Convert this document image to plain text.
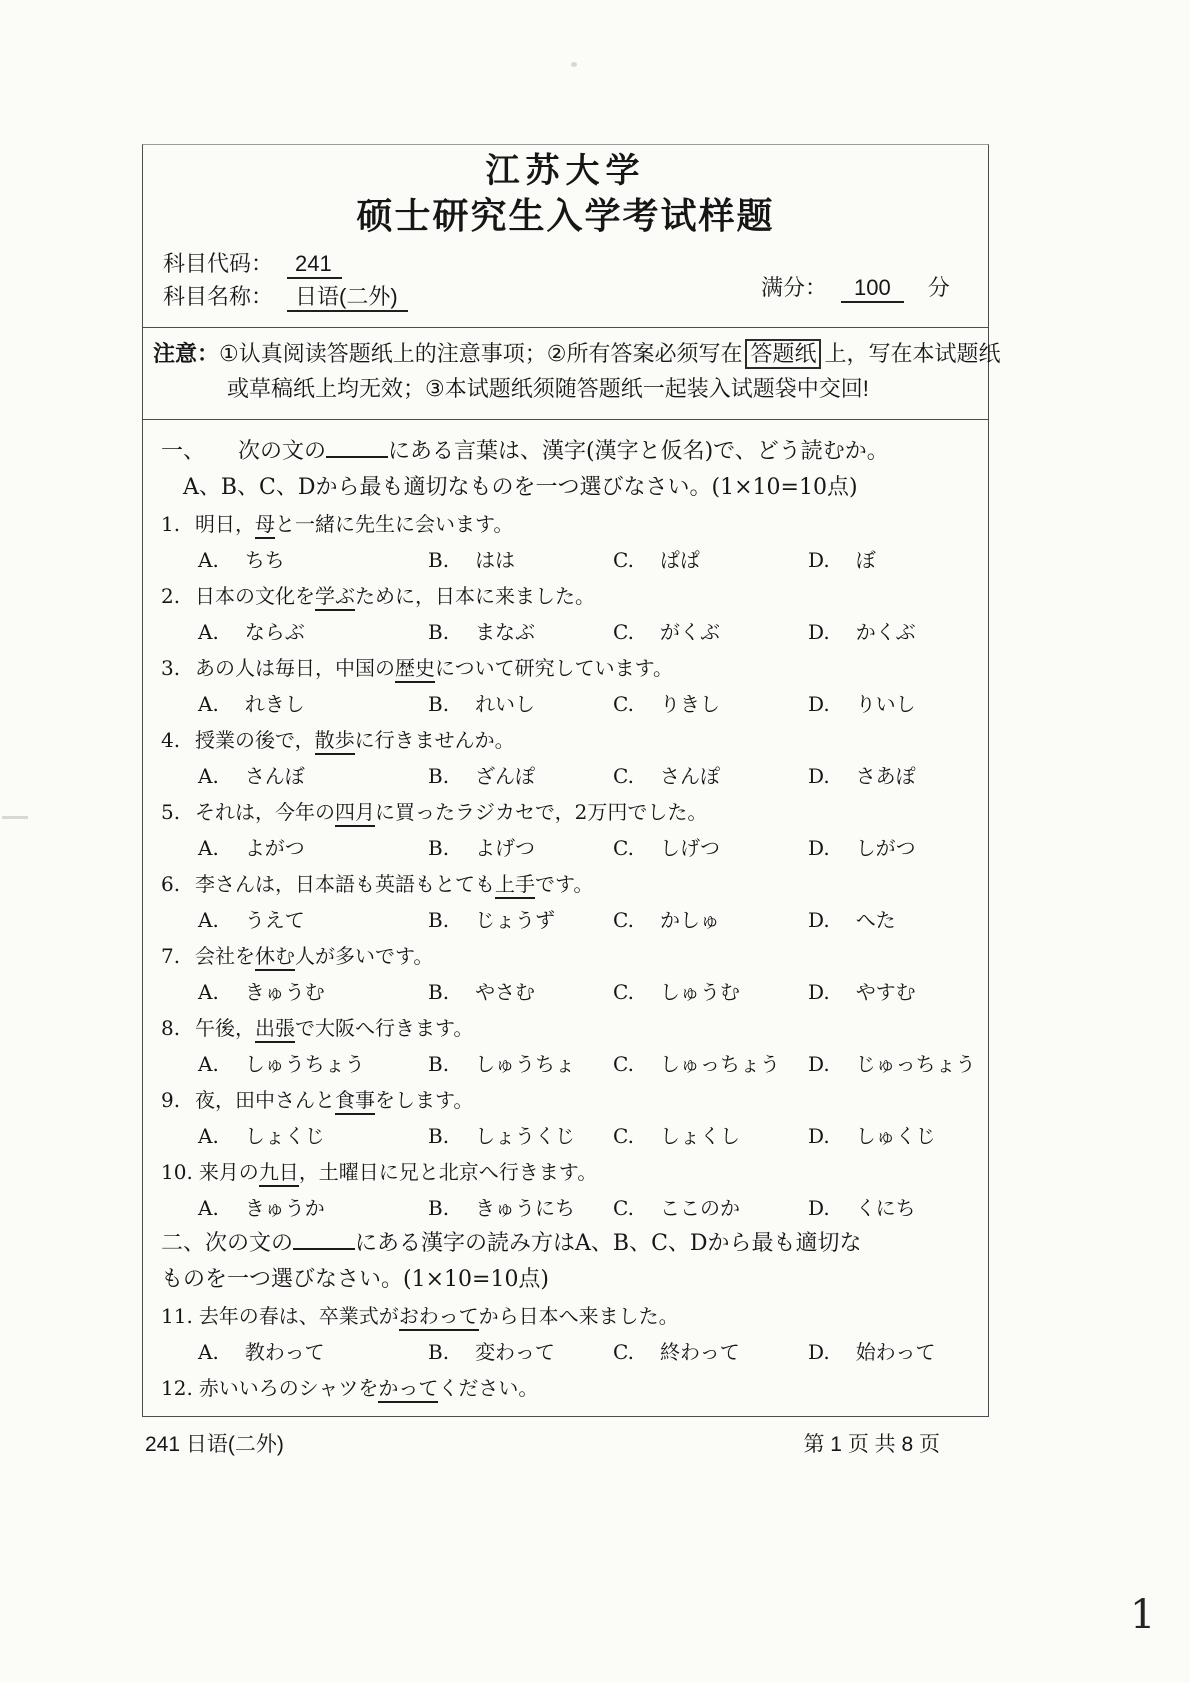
江苏大学
硕士研究生入学考试样题
科目代码： 241
科目名称： 日语(二外)	满分： 100 分
注意：①认真阅读答题纸上的注意事项；②所有答案必须写在 答题纸 上，写在本试题纸
或草稿纸上均无效；③本试题纸须随答题纸一起装入试题袋中交回!
一、　　次の文の	にある言葉は、漢字(漢字と仮名)で、どう読むか。
A、B、C、Dから最も適切なものを一つ選びなさい。(1×10=10点)
1. 明日，母と一緒に先生に会います。
A. ちち	B. はは	C. ぱぱ	D. ぼ
2. 日本の文化を学ぶために，日本に来ました。
A. ならぶ	B. まなぶ	C. がくぶ	D. かくぶ
3. あの人は毎日，中国の歴史について研究しています。
A. れきし	B. れいし	C. りきし	D. りいし
4. 授業の後で，散歩に行きませんか。
A. さんぼ	B. ざんぽ	C. さんぽ	D. さあぽ
5. それは，今年の四月に買ったラジカセで，2万円でした。
A. よがつ	B. よげつ	C. しげつ	D. しがつ
6. 李さんは，日本語も英語もとても上手です。
A. うえて	B. じょうず	C. かしゅ	D. へた
7. 会社を休む人が多いです。
A. きゅうむ	B. やさむ	C. しゅうむ	D. やすむ
8. 午後，出張で大阪へ行きます。
A. しゅうちょう	B. しゅうちょ C. しゅっちょう D. じゅっちょう
9. 夜，田中さんと食事をします。
A. しょくじ	B. しょうくじ C. しょくし	D. しゅくじ
10. 来月の九日，土曜日に兄と北京へ行きます。
A. きゅうか	B. きゅうにち C. ここのか	D. くにち
二、次の文の	にある漢字の読み方はA、B、C、Dから最も適切な
ものを一つ選びなさい。(1×10=10点)
11. 去年の春は、卒業式がおわってから日本へ来ました。
A. 教わって	B. 変わって	C. 終わって	D. 始わって
12. 赤いいろのシャツをかってください。
241 日语(二外)	第 1 页 共 8 页
1
